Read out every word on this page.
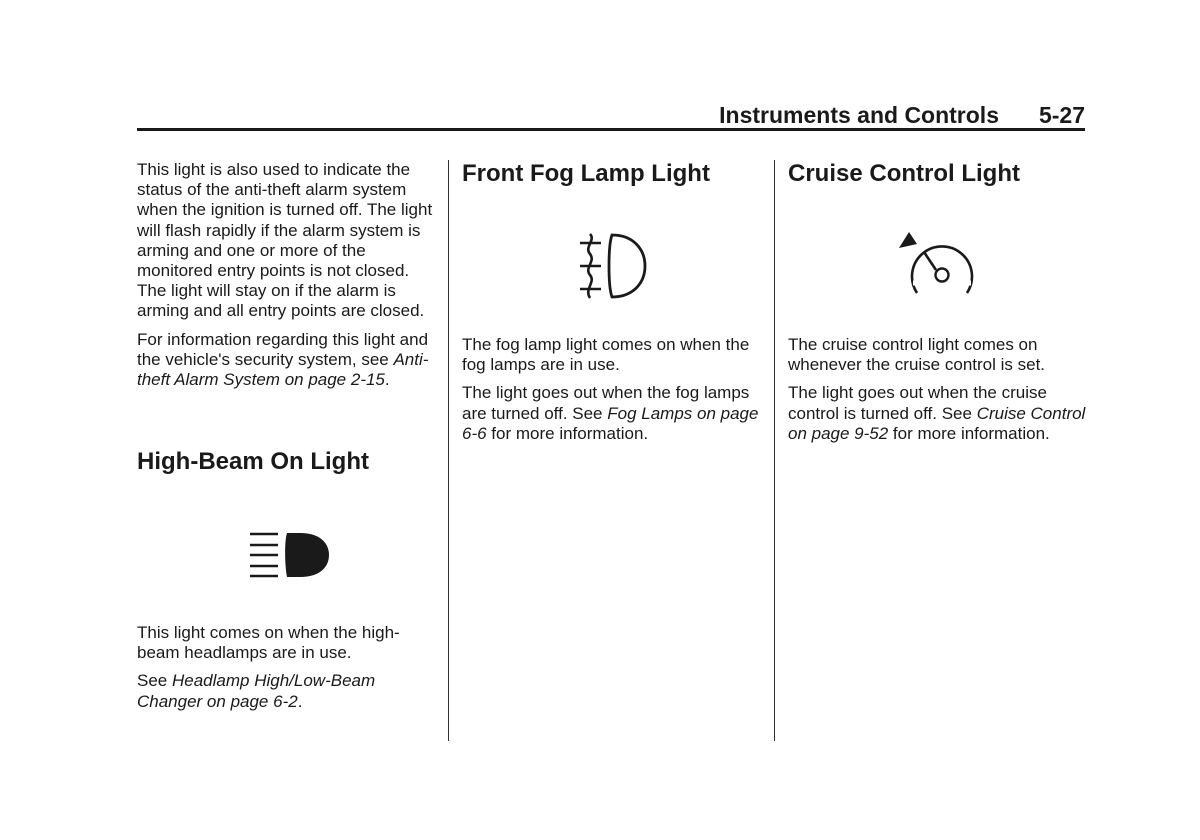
Instruments and Controls 5-27

This light is also used to indicate the status of the anti-theft alarm system when the ignition is turned off. The light will flash rapidly if the alarm system is arming and one or more of the monitored entry points is not closed. The light will stay on if the alarm is arming and all entry points are closed.

For information regarding this light and the vehicle's security system, see Anti-theft Alarm System on page 2-15.

High-Beam On Light

This light comes on when the high-beam headlamps are in use.

See Headlamp High/Low-Beam Changer on page 6-2.

Front Fog Lamp Light

The fog lamp light comes on when the fog lamps are in use.

The light goes out when the fog lamps are turned off. See Fog Lamps on page 6-6 for more information.

Cruise Control Light

The cruise control light comes on whenever the cruise control is set.

The light goes out when the cruise control is turned off. See Cruise Control on page 9-52 for more information.
